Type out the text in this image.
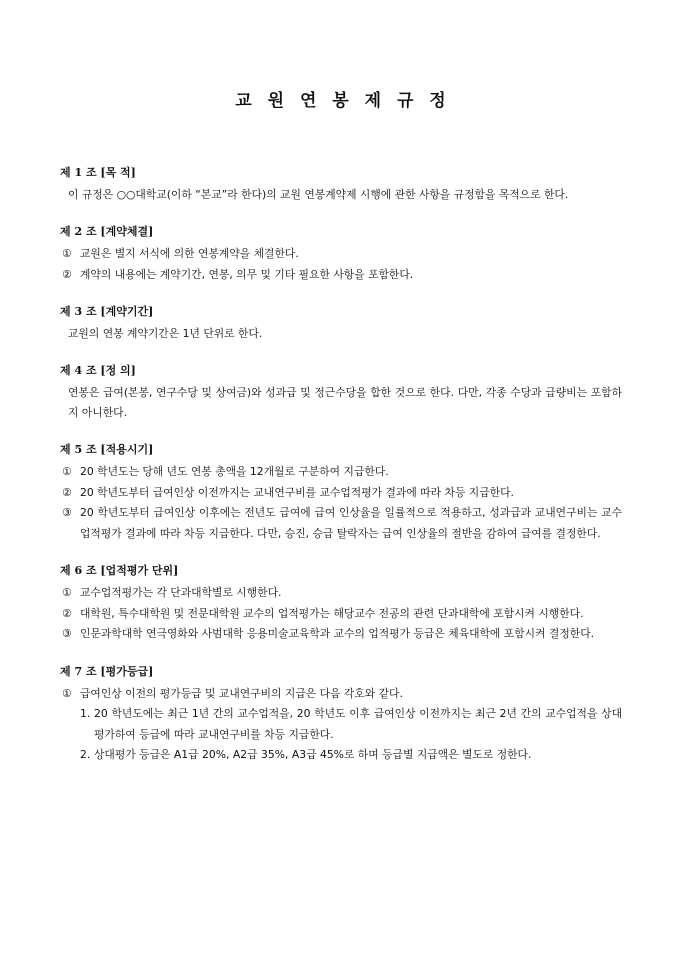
교 원 연 봉 제 규 정
제 1 조 [목 적]

이 규정은 ○○대학교(이하 “본교”라 한다)의 교원 연봉계약제 시행에 관한 사항을 규정함을 목적으로 한다.

제 2 조 [계약체결]
① 교원은 별지 서식에 의한 연봉계약을 체결한다.
② 계약의 내용에는 계약기간, 연봉, 의무 및 기타 필요한 사항을 포함한다.
제 3 조 [계약기간]

교원의 연봉 계약기간은 1년 단위로 한다.

제 4 조 [정 의]

연봉은 급여(본봉, 연구수당 및 상여금)와 성과급 및 정근수당을 합한 것으로 한다. 다만, 각종 수당과 급량비는 포함하지 아니한다.

제 5 조 [적용시기]
① 20 학년도는 당해 년도 연봉 총액을 12개월로 구분하여 지급한다.
② 20 학년도부터 급여인상 이전까지는 교내연구비를 교수업적평가 결과에 따라 차등 지급한다.
③ 20 학년도부터 급여인상 이후에는 전년도 급여에 급여 인상율을 일률적으로 적용하고, 성과급과 교내연구비는 교수업적평가 결과에 따라 차등 지급한다. 다만, 승진, 승급 탈락자는 급여 인상율의 절반을 감하여 급여를 결정한다.
제 6 조 [업적평가 단위]
① 교수업적평가는 각 단과대학별로 시행한다.
② 대학원, 특수대학원 및 전문대학원 교수의 업적평가는 해당교수 전공의 관련 단과대학에 포함시켜 시행한다.
③ 인문과학대학 연극영화와 사범대학 응용미술교육학과 교수의 업적평가 등급은 체육대학에 포함시켜 결정한다.
제 7 조 [평가등급]
① 급여인상 이전의 평가등급 및 교내연구비의 지급은 다음 각호와 같다.
1. 20 학년도에는 최근 1년 간의 교수업적을, 20 학년도 이후 급여인상 이전까지는 최근 2년 간의 교수업적을 상대 평가하여 등급에 따라 교내연구비를 차등 지급한다.
2. 상대평가 등급은 A1급 20%, A2급 35%, A3급 45%로 하며 등급별 지급액은 별도로 정한다.
